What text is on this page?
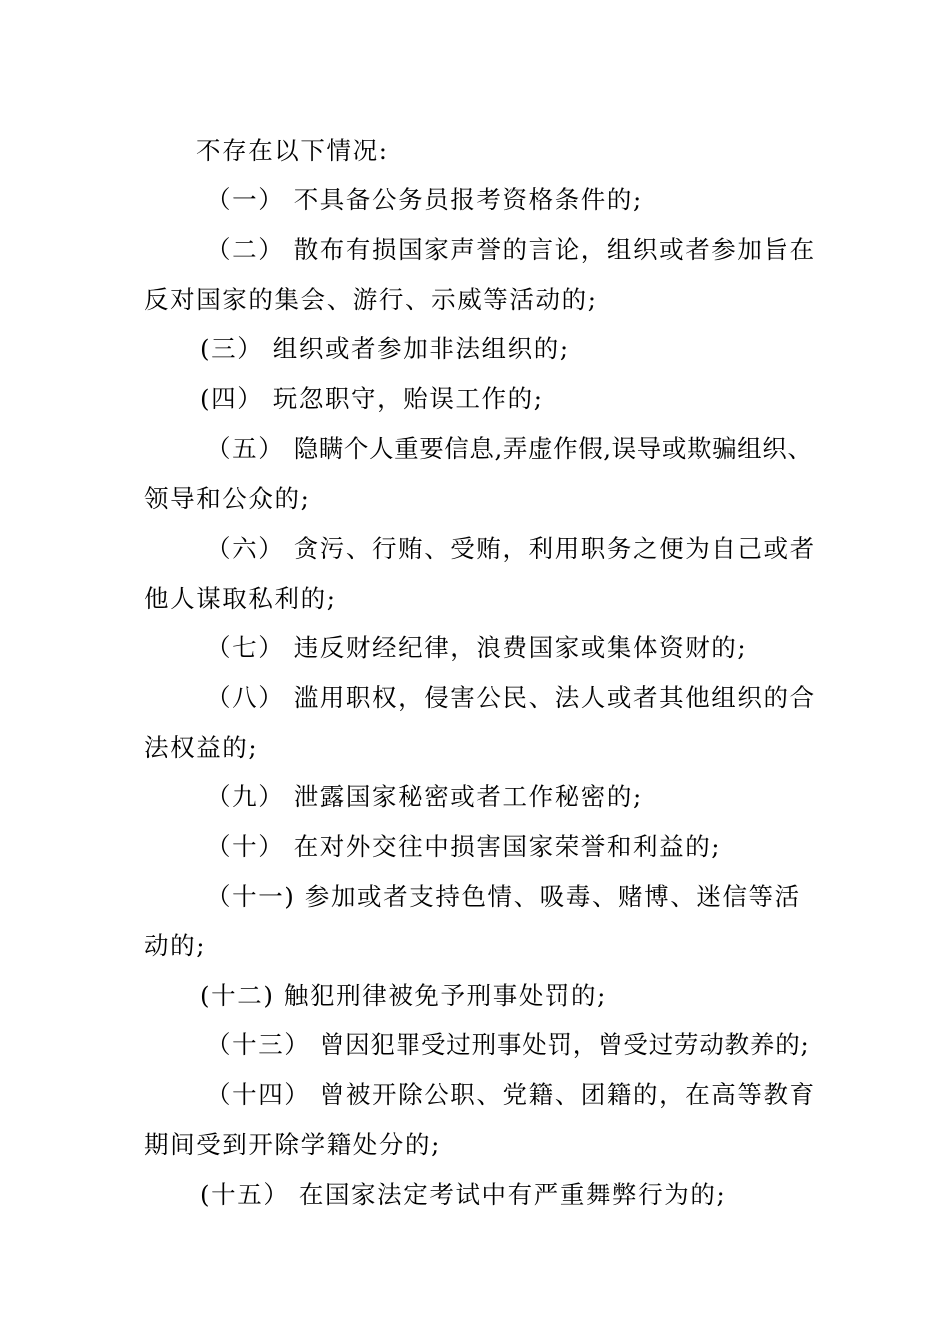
不存在以下情况:

（一） 不具备公务员报考资格条件的;

（二） 散布有损国家声誉的言论，组织或者参加旨在

反对国家的集会、游行、示威等活动的;

(三） 组织或者参加非法组织的;

(四） 玩忽职守，贻误工作的;

（五） 隐瞒个人重要信息,弄虚作假,误导或欺骗组织、

领导和公众的;

（六） 贪污、行贿、受贿，利用职务之便为自己或者

他人谋取私利的;

（七） 违反财经纪律，浪费国家或集体资财的;

（八） 滥用职权，侵害公民、法人或者其他组织的合

法权益的;

（九） 泄露国家秘密或者工作秘密的;

（十） 在对外交往中损害国家荣誉和利益的;

（十一) 参加或者支持色情、吸毒、赌博、迷信等活

动的;

(十二) 触犯刑律被免予刑事处罚的;

（十三） 曾因犯罪受过刑事处罚，曾受过劳动教养的;

（十四） 曾被开除公职、党籍、团籍的，在高等教育

期间受到开除学籍处分的;

(十五） 在国家法定考试中有严重舞弊行为的;
